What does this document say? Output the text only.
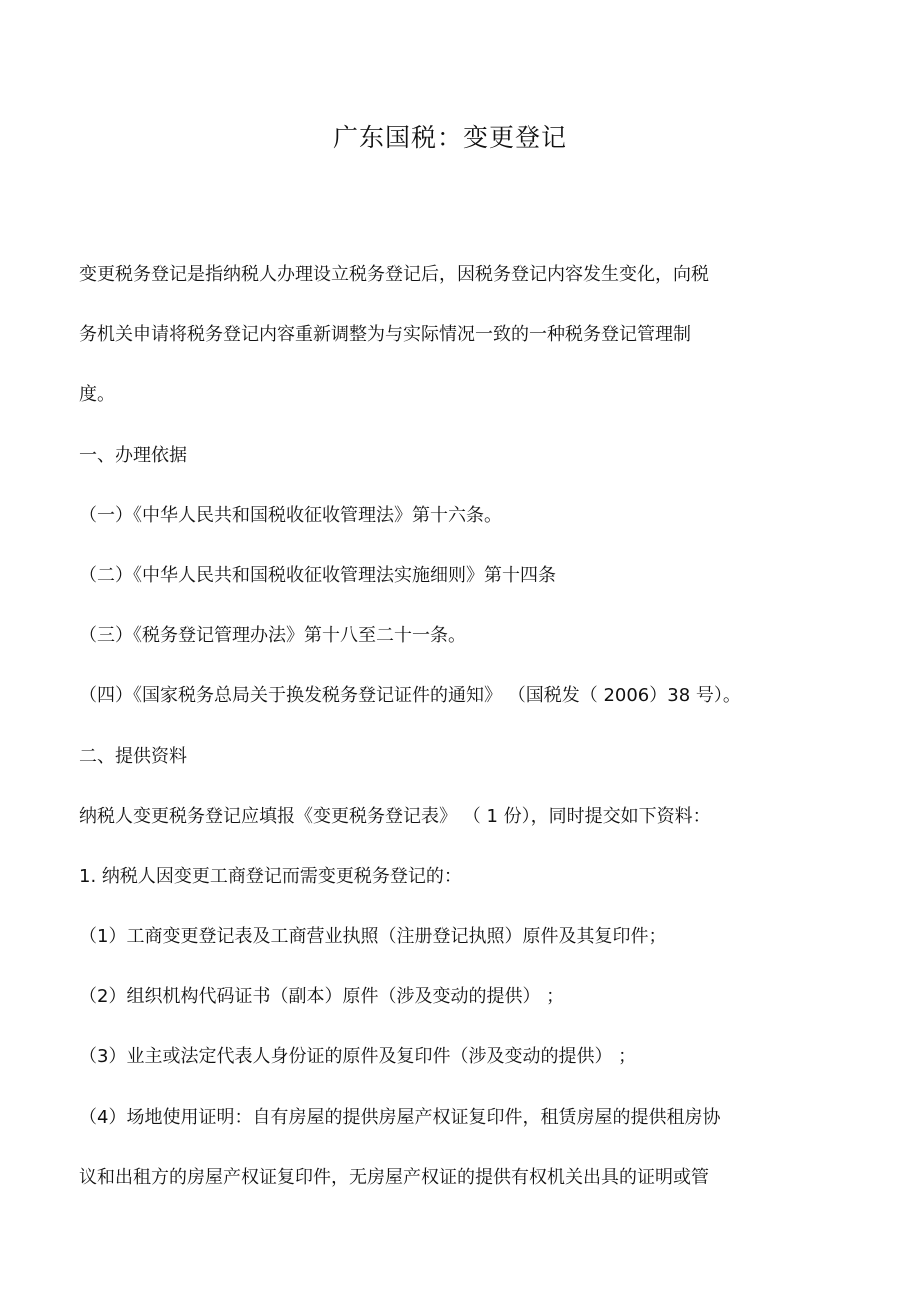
广东国税：变更登记
变更税务登记是指纳税人办理设立税务登记后，因税务登记内容发生变化，向税
务机关申请将税务登记内容重新调整为与实际情况一致的一种税务登记管理制
度。
一、办理依据
（一）《中华人民共和国税收征收管理法》第十六条。
（二）《中华人民共和国税收征收管理法实施细则》第十四条
（三）《税务登记管理办法》第十八至二十一条。
（四）《国家税务总局关于换发税务登记证件的通知》 （国税发（ 2006）38 号）。
二、提供资料
纳税人变更税务登记应填报《变更税务登记表》 （ 1 份），同时提交如下资料：
1. 纳税人因变更工商登记而需变更税务登记的：
（1）工商变更登记表及工商营业执照（注册登记执照）原件及其复印件；
（2）组织机构代码证书（副本）原件（涉及变动的提供） ；
（3）业主或法定代表人身份证的原件及复印件（涉及变动的提供） ；
（4）场地使用证明：自有房屋的提供房屋产权证复印件，租赁房屋的提供租房协
议和出租方的房屋产权证复印件，无房屋产权证的提供有权机关出具的证明或管
